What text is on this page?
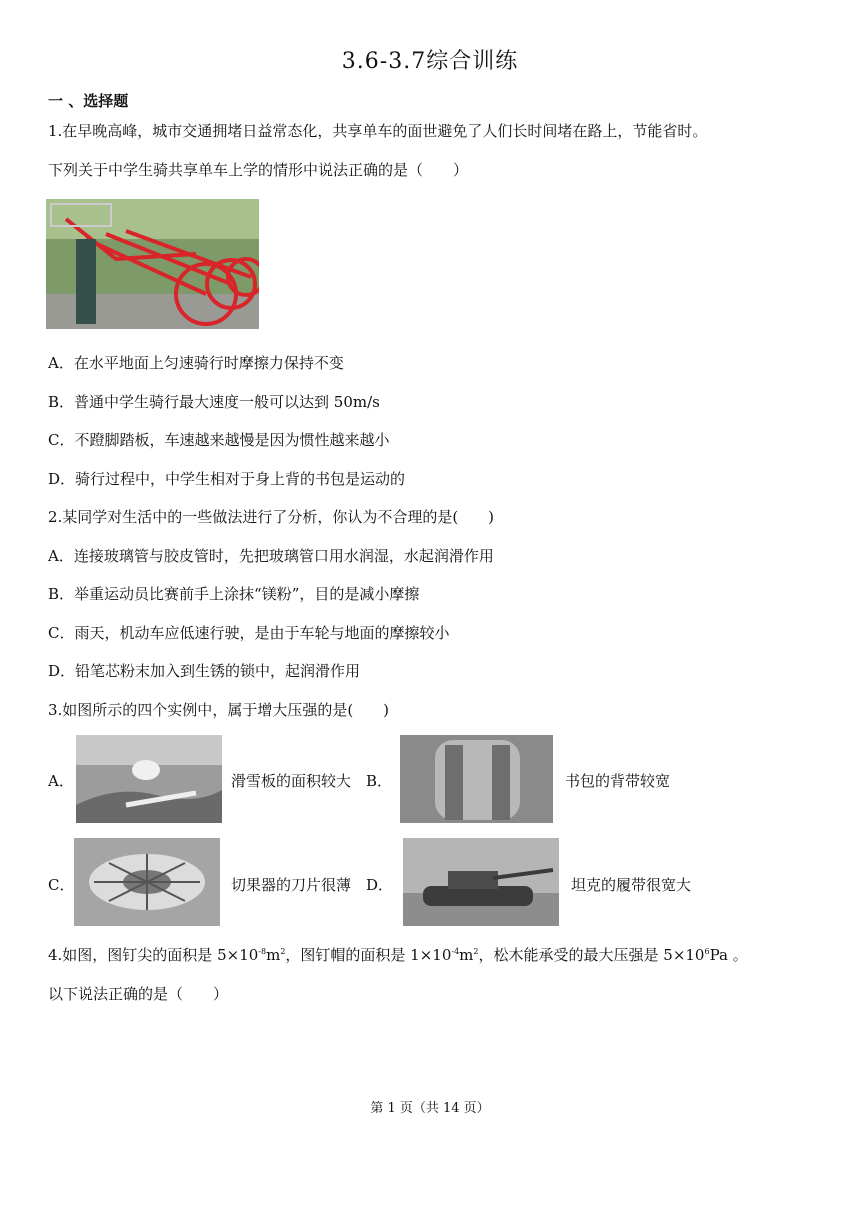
3.6-3.7综合训练
一 、选择题
1.在早晚高峰，城市交通拥堵日益常态化，共享单车的面世避免了人们长时间堵在路上，节能省时。
下列关于中学生骑共享单车上学的情形中说法正确的是（　　）
A．在水平地面上匀速骑行时摩擦力保持不变
B．普通中学生骑行最大速度一般可以达到 50m/s
C．不蹬脚踏板，车速越来越慢是因为惯性越来越小
D．骑行过程中，中学生相对于身上背的书包是运动的
2.某同学对生活中的一些做法进行了分析，你认为不合理的是(　　)
A．连接玻璃管与胶皮管时，先把玻璃管口用水润湿，水起润滑作用
B．举重运动员比赛前手上涂抹“镁粉”，目的是减小摩擦
C．雨天，机动车应低速行驶，是由于车轮与地面的摩擦较小
D．铅笔芯粉末加入到生锈的锁中，起润滑作用
3.如图所示的四个实例中，属于增大压强的是(　　)
A．	滑雪板的面积较大 B．	书包的背带较宽
C．	切果器的刀片很薄 D．	坦克的履带很宽大
4.如图，图钉尖的面积是 $5\times 10^{-8}m^2$，图钉帽的面积是 $1\times 10^{-4}m^2$，松木能承受的最大压强是 $5\times 10^6Pa$ 。
以下说法正确的是（　　）
第 1 页（共 14 页）
